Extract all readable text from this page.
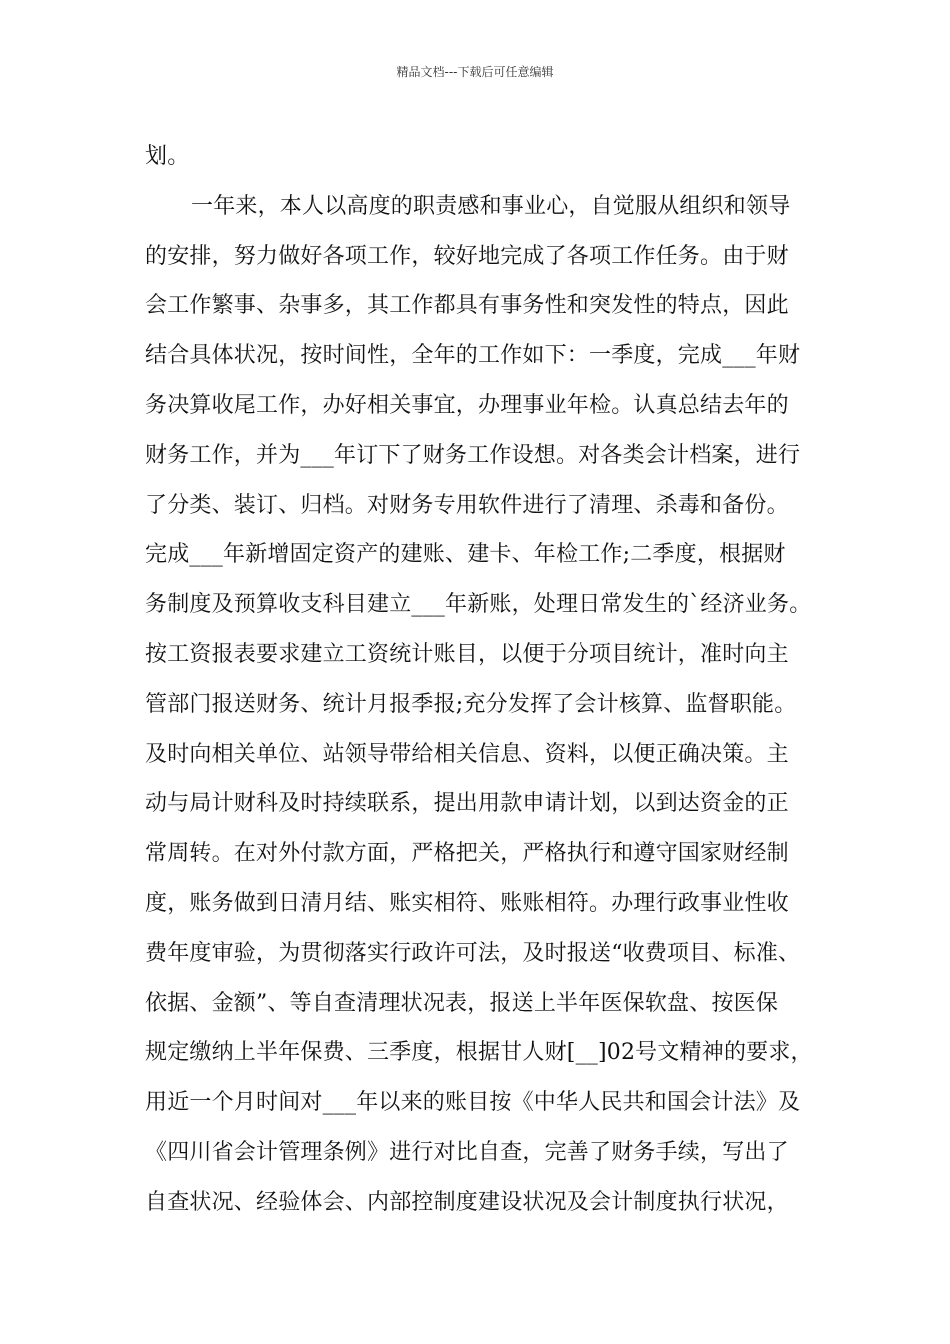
精品文档---下载后可任意编辑
划。
一年来，本人以高度的职责感和事业心，自觉服从组织和领导
的安排，努力做好各项工作，较好地完成了各项工作任务。由于财
会工作繁事、杂事多，其工作都具有事务性和突发性的特点，因此
结合具体状况，按时间性，全年的工作如下：一季度，完成___年财
务决算收尾工作，办好相关事宜，办理事业年检。认真总结去年的
财务工作，并为___年订下了财务工作设想。对各类会计档案，进行
了分类、装订、归档。对财务专用软件进行了清理、杀毒和备份。
完成___年新增固定资产的建账、建卡、年检工作;二季度，根据财
务制度及预算收支科目建立___年新账，处理日常发生的`经济业务。
按工资报表要求建立工资统计账目，以便于分项目统计，准时向主
管部门报送财务、统计月报季报;充分发挥了会计核算、监督职能。
及时向相关单位、站领导带给相关信息、资料，以便正确决策。主
动与局计财科及时持续联系，提出用款申请计划，以到达资金的正
常周转。在对外付款方面，严格把关，严格执行和遵守国家财经制
度，账务做到日清月结、账实相符、账账相符。办理行政事业性收
费年度审验，为贯彻落实行政许可法，及时报送“收费项目、标准、
依据、金额”、等自查清理状况表，报送上半年医保软盘、按医保
规定缴纳上半年保费、三季度，根据甘人财[__]02号文精神的要求，
用近一个月时间对___年以来的账目按《中华人民共和国会计法》及
《四川省会计管理条例》进行对比自查，完善了财务手续，写出了
自查状况、经验体会、内部控制度建设状况及会计制度执行状况，
